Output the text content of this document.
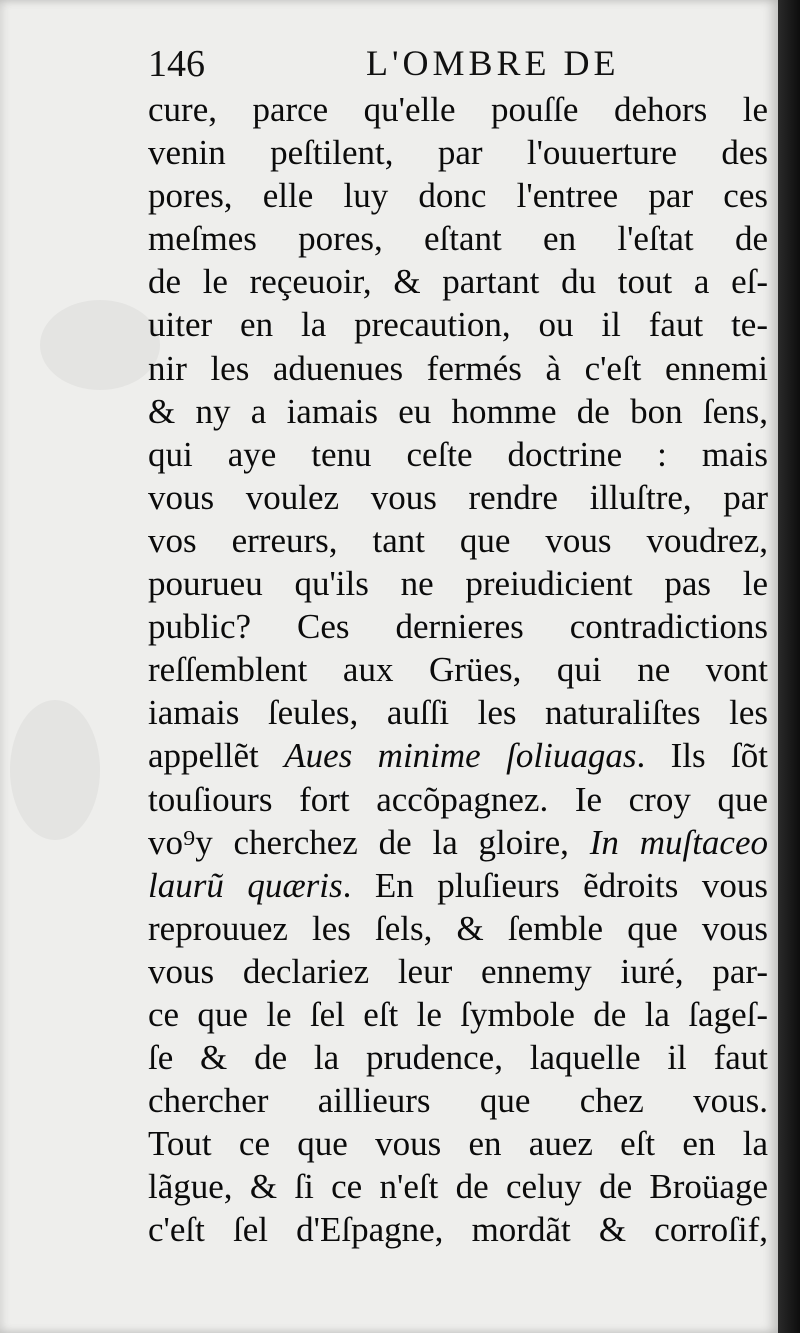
146	L'OMBRE DE
cure, parce qu'elle pouſſe dehors le
venin peſtilent, par l'ouuerture des
pores, elle luy donc l'entree par ces
meſmes pores, eſtant en l'eſtat de
de le reçeuoir, & partant du tout a eſ-
uiter en la precaution, ou il faut te-
nir les aduenues fermés à c'eſt ennemi
& ny a iamais eu homme de bon ſens,
qui aye tenu ceſte doctrine : mais
vous voulez vous rendre illuſtre, par
vos erreurs, tant que vous voudrez,
pourueu qu'ils ne preiudicient pas le
public? Ces dernieres contradictions
reſſemblent aux Grües, qui ne vont
iamais ſeules, auſſi les naturaliſtes les
appellẽt Aues minime ſoliuagas. Ils ſõt
touſiours fort accõpagnez. Ie croy que
vo⁹y cherchez de la gloire, In muſtaceo
laurũ quæris. En pluſieurs ẽdroits vous
reprouuez les ſels, & ſemble que vous
vous declariez leur ennemy iuré, par-
ce que le ſel eſt le ſymbole de la ſageſ-
ſe & de la prudence, laquelle il faut
chercher aillieurs que chez vous.
Tout ce que vous en auez eſt en la
lãgue, & ſi ce n'eſt de celuy de Broüage
c'eſt ſel d'Eſpagne, mordãt & corroſif,
